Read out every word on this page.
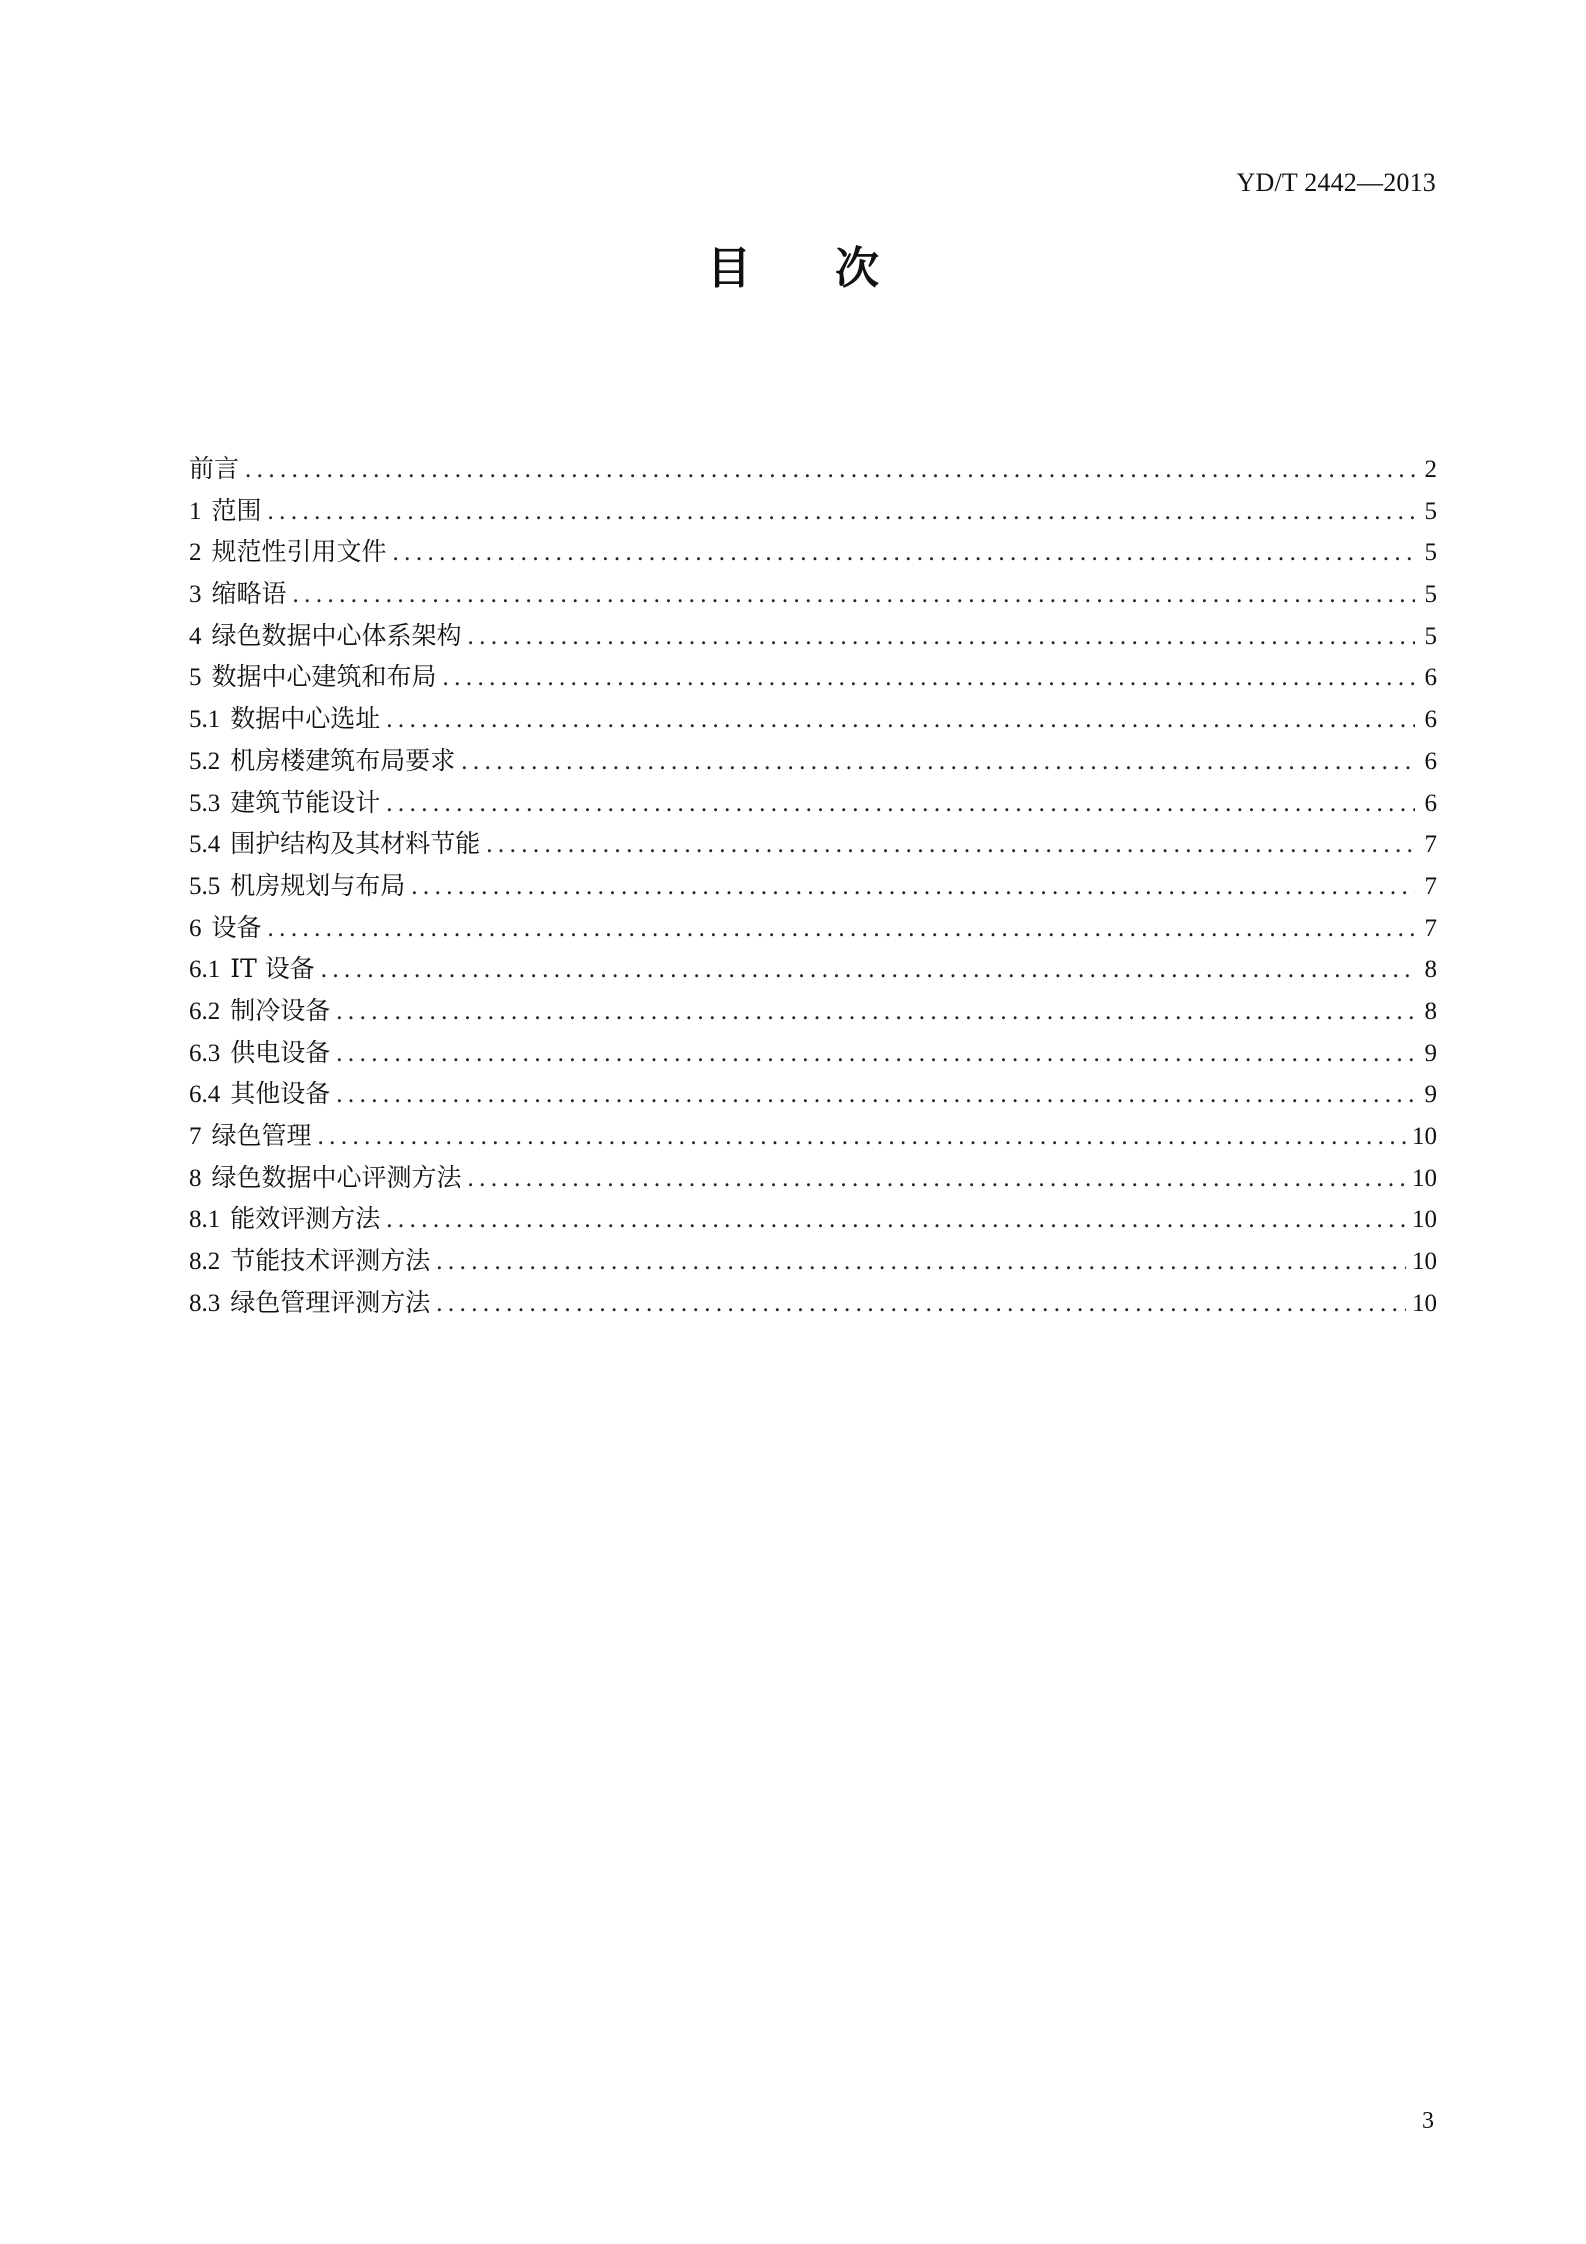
YD/T 2442—2013
目 次
前言 .....	2
1 范围 .....	5
2 规范性引用文件 .....	5
3 缩略语 .....	5
4 绿色数据中心体系架构 .....	5
5 数据中心建筑和布局 .....	6
5.1 数据中心选址 .....	6
5.2 机房楼建筑布局要求 .....	6
5.3 建筑节能设计 .....	6
5.4 围护结构及其材料节能 .....	7
5.5 机房规划与布局 .....	7
6 设备 .....	7
6.1 IT 设备 .....	8
6.2 制冷设备 .....	8
6.3 供电设备 .....	9
6.4 其他设备 .....	9
7 绿色管理 .....	10
8 绿色数据中心评测方法 .....	10
8.1 能效评测方法 .....	10
8.2 节能技术评测方法 .....	10
8.3 绿色管理评测方法 .....	10
3
